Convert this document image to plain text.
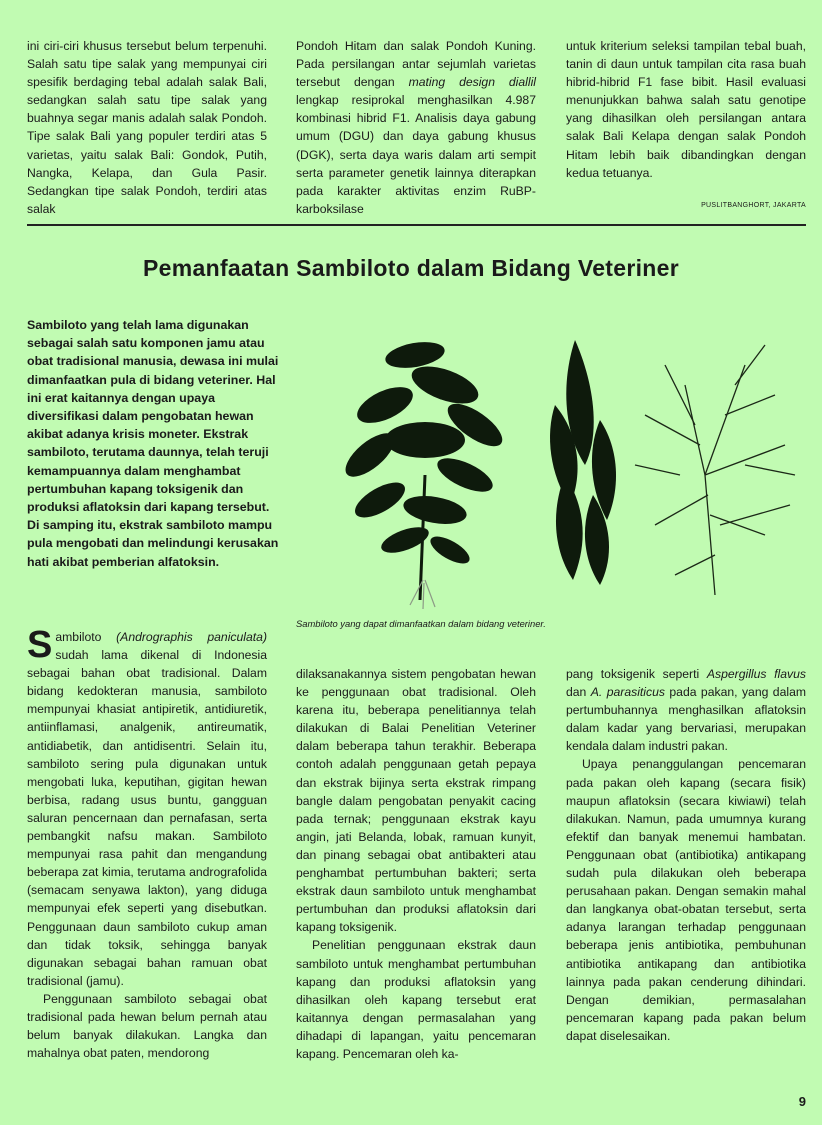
ini ciri-ciri khusus tersebut belum terpenuhi. Salah satu tipe salak yang mempunyai ciri spesifik berdaging tebal adalah salak Bali, sedangkan salah satu tipe salak yang buahnya segar manis adalah salak Pondoh. Tipe salak Bali yang populer terdiri atas 5 varietas, yaitu salak Bali: Gondok, Putih, Nangka, Kelapa, dan Gula Pasir. Sedangkan tipe salak Pondoh, terdiri atas salak

Pondoh Hitam dan salak Pondoh Kuning. Pada persilangan antar sejumlah varietas tersebut dengan mating design diallil lengkap resiprokal menghasilkan 4.987 kombinasi hibrid F1. Analisis daya gabung umum (DGU) dan daya gabung khusus (DGK), serta daya waris dalam arti sempit serta parameter genetik lainnya diterapkan pada karakter aktivitas enzim RuBP-karboksilase

untuk kriterium seleksi tampilan tebal buah, tanin di daun untuk tampilan cita rasa buah hibrid-hibrid F1 fase bibit. Hasil evaluasi menunjukkan bahwa salah satu genotipe yang dihasilkan oleh persilangan antara salak Bali Kelapa dengan salak Pondoh Hitam lebih baik dibandingkan dengan kedua tetuanya.

PUSLITBANGHORT, JAKARTA
Pemanfaatan Sambiloto dalam Bidang Veteriner

Sambiloto yang telah lama digunakan sebagai salah satu komponen jamu atau obat tradisional manusia, dewasa ini mulai dimanfaatkan pula di bidang veteriner. Hal ini erat kaitannya dengan upaya diversifikasi dalam pengobatan hewan akibat adanya krisis moneter. Ekstrak sambiloto, terutama daunnya, telah teruji kemampuannya dalam menghambat pertumbuhan kapang toksigenik dan produksi aflatoksin dari kapang tersebut. Di samping itu, ekstrak sambiloto mampu pula mengobati dan melindungi kerusakan hati akibat pemberian alfatoksin.

Sambiloto yang dapat dimanfaatkan dalam bidang veteriner.

Sambiloto (Andrographis paniculata) sudah lama dikenal di Indonesia sebagai bahan obat tradisional. Dalam bidang kedokteran manusia, sambiloto mempunyai khasiat antipiretik, antidiuretik, antiinflamasi, analgenik, antireumatik, antidiabetik, dan antidisentri. Selain itu, sambiloto sering pula digunakan untuk mengobati luka, keputihan, gigitan hewan berbisa, radang usus buntu, gangguan saluran pencernaan dan pernafasan, serta pembangkit nafsu makan. Sambiloto mempunyai rasa pahit dan mengandung beberapa zat kimia, terutama andrografolida (semacam senyawa lakton), yang diduga mempunyai efek seperti yang disebutkan. Penggunaan daun sambiloto cukup aman dan tidak toksik, sehingga banyak digunakan sebagai bahan ramuan obat tradisional (jamu).

Penggunaan sambiloto sebagai obat tradisional pada hewan belum pernah atau belum banyak dilakukan. Langka dan mahalnya obat paten, mendorong

dilaksanakannya sistem pengobatan hewan ke penggunaan obat tradisional. Oleh karena itu, beberapa penelitiannya telah dilakukan di Balai Penelitian Veteriner dalam beberapa tahun terakhir. Beberapa contoh adalah penggunaan getah pepaya dan ekstrak bijinya serta ekstrak rimpang bangle dalam pengobatan penyakit cacing pada ternak; penggunaan ekstrak kayu angin, jati Belanda, lobak, ramuan kunyit, dan pinang sebagai obat antibakteri atau penghambat pertumbuhan bakteri; serta ekstrak daun sambiloto untuk menghambat pertumbuhan dan produksi aflatoksin dari kapang toksigenik.

Penelitian penggunaan ekstrak daun sambiloto untuk menghambat pertumbuhan kapang dan produksi aflatoksin yang dihasilkan oleh kapang tersebut erat kaitannya dengan permasalahan yang dihadapi di lapangan, yaitu pencemaran kapang. Pencemaran oleh ka-

pang toksigenik seperti Aspergillus flavus dan A. parasiticus pada pakan, yang dalam pertumbuhannya menghasilkan aflatoksin dalam kadar yang bervariasi, merupakan kendala dalam industri pakan.

Upaya penanggulangan pencemaran pada pakan oleh kapang (secara fisik) maupun aflatoksin (secara kiwiawi) telah dilakukan. Namun, pada umumnya kurang efektif dan banyak menemui hambatan. Penggunaan obat (antibiotika) antikapang sudah pula dilakukan oleh beberapa perusahaan pakan. Dengan semakin mahal dan langkanya obat-obatan tersebut, serta adanya larangan terhadap penggunaan beberapa jenis antibiotika, pembuhunan antibiotika antikapang dan antibiotika lainnya pada pakan cenderung dihindari. Dengan demikian, permasalahan pencemaran kapang pada pakan belum dapat diselesaikan.

9
